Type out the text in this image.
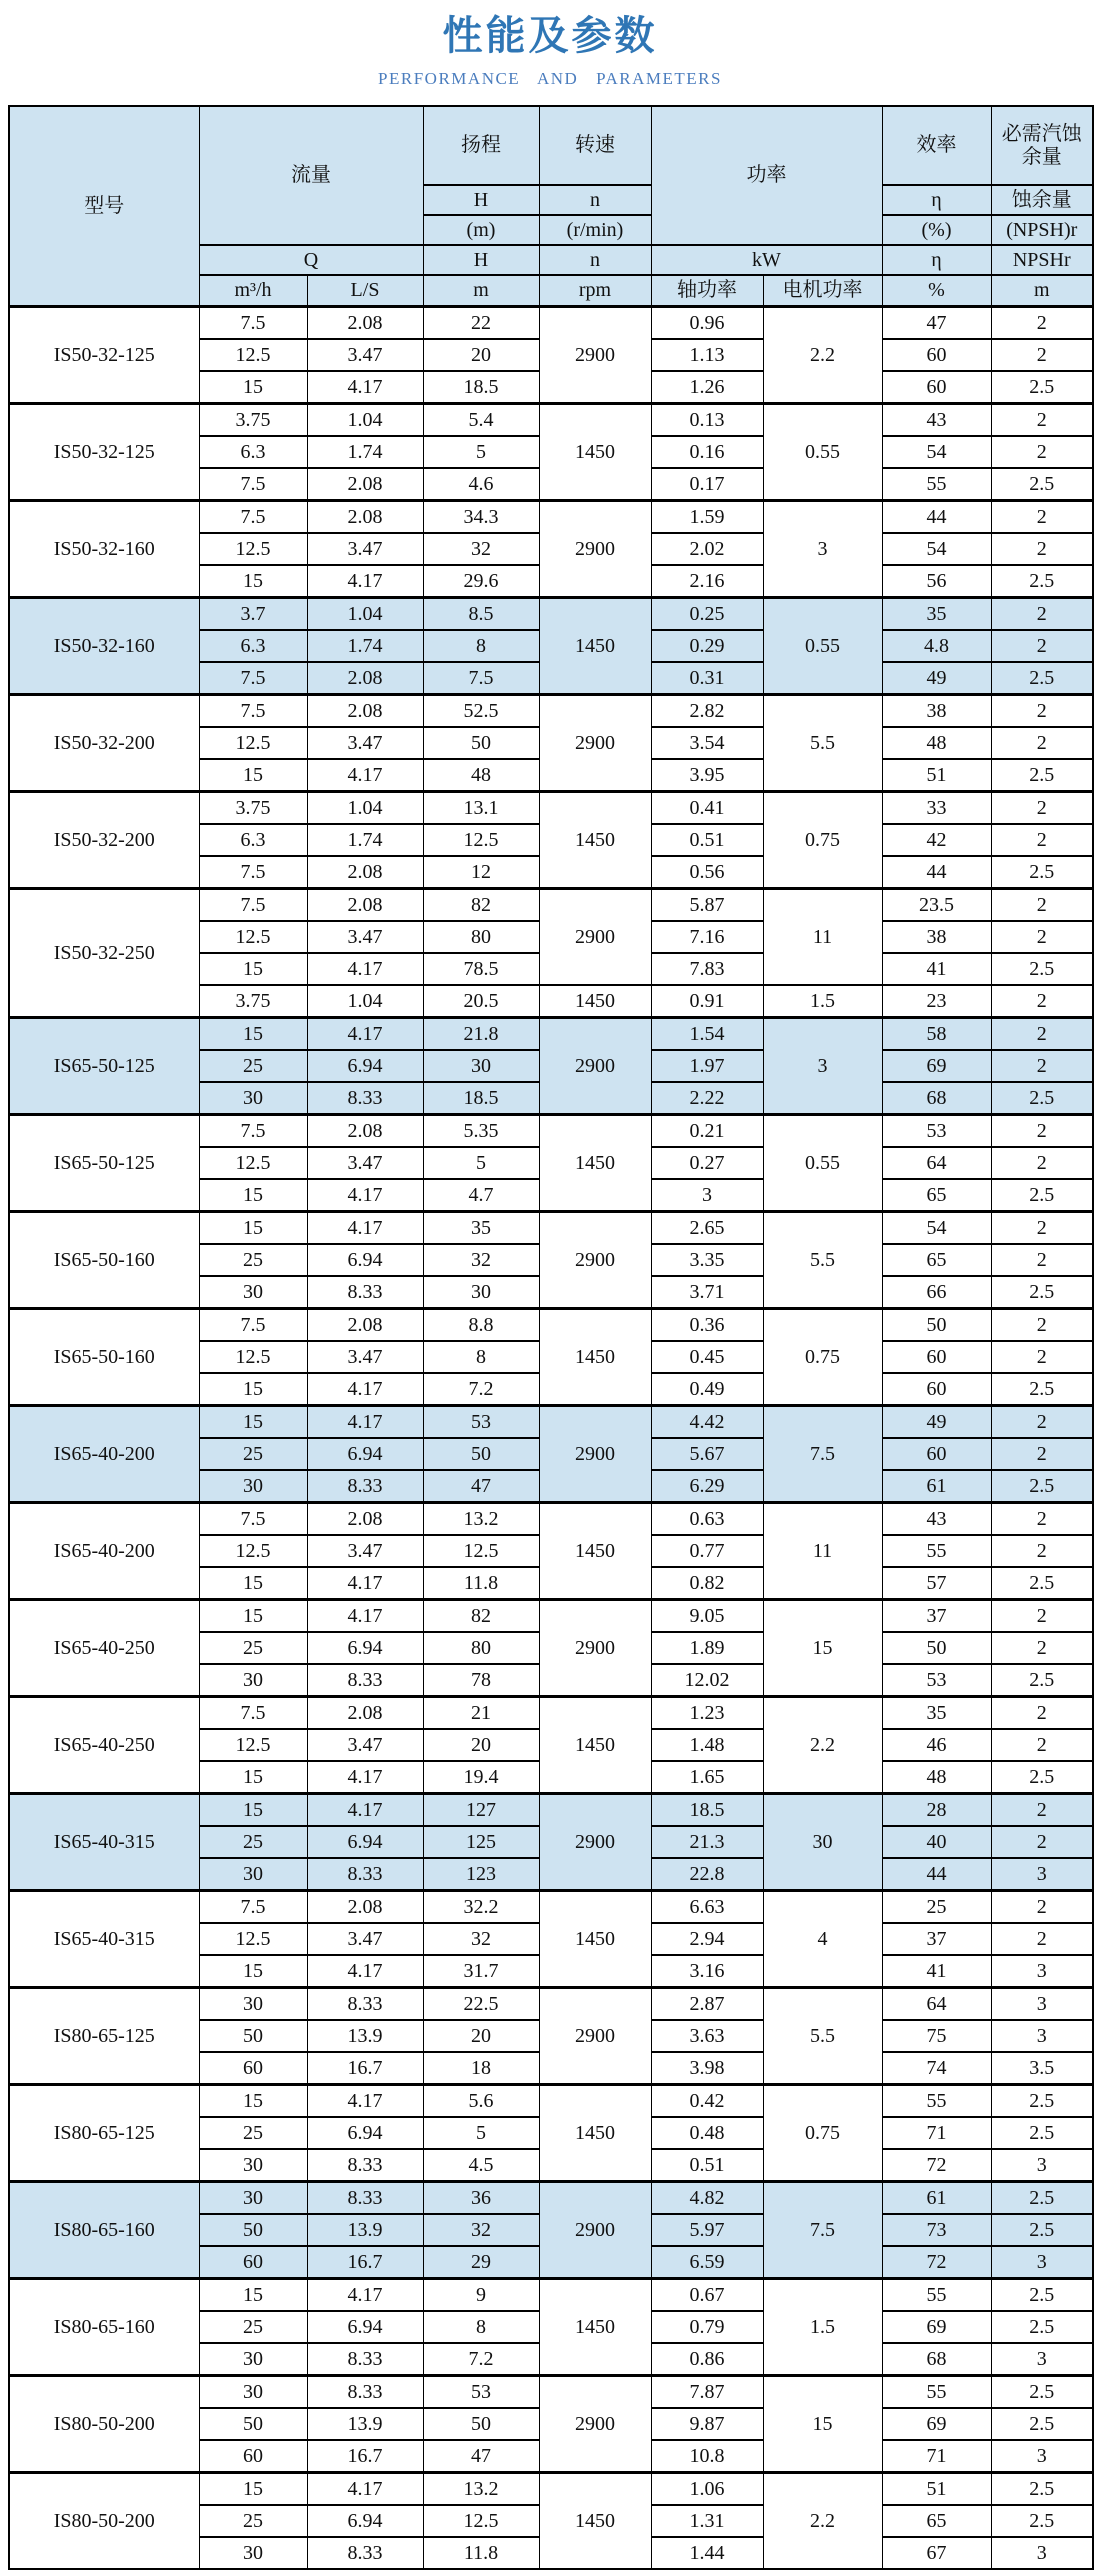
性能及参数
PERFORMANCE AND PARAMETERS
型号	流量		扬程	转速	功率		效率	必需汽蚀余量
			H	n			η	蚀余量
			(m)	(r/min)			(%)	(NPSH)r
	Q		H	n	kW		η	NPSHr
	m³/h	L/S	m	rpm	轴功率	电机功率	%	m
IS50-32-125	7.5	2.08	22	2900	0.96	2.2	47	2
	12.5	3.47	20		1.13		60	2
	15	4.17	18.5		1.26		60	2.5
IS50-32-125	3.75	1.04	5.4	1450	0.13	0.55	43	2
	6.3	1.74	5		0.16		54	2
	7.5	2.08	4.6		0.17		55	2.5
IS50-32-160	7.5	2.08	34.3	2900	1.59	3	44	2
	12.5	3.47	32		2.02		54	2
	15	4.17	29.6		2.16		56	2.5
IS50-32-160	3.7	1.04	8.5	1450	0.25	0.55	35	2
	6.3	1.74	8		0.29		4.8	2
	7.5	2.08	7.5		0.31		49	2.5
IS50-32-200	7.5	2.08	52.5	2900	2.82	5.5	38	2
	12.5	3.47	50		3.54		48	2
	15	4.17	48		3.95		51	2.5
IS50-32-200	3.75	1.04	13.1	1450	0.41	0.75	33	2
	6.3	1.74	12.5		0.51		42	2
	7.5	2.08	12		0.56		44	2.5
IS50-32-250	7.5	2.08	82	2900	5.87	11	23.5	2
	12.5	3.47	80		7.16		38	2
	15	4.17	78.5		7.83		41	2.5
	3.75	1.04	20.5	1450	0.91	1.5	23	2
IS65-50-125	15	4.17	21.8	2900	1.54	3	58	2
	25	6.94	30		1.97		69	2
	30	8.33	18.5		2.22		68	2.5
IS65-50-125	7.5	2.08	5.35	1450	0.21	0.55	53	2
	12.5	3.47	5		0.27		64	2
	15	4.17	4.7		3		65	2.5
IS65-50-160	15	4.17	35	2900	2.65	5.5	54	2
	25	6.94	32		3.35		65	2
	30	8.33	30		3.71		66	2.5
IS65-50-160	7.5	2.08	8.8	1450	0.36	0.75	50	2
	12.5	3.47	8		0.45		60	2
	15	4.17	7.2		0.49		60	2.5
IS65-40-200	15	4.17	53	2900	4.42	7.5	49	2
	25	6.94	50		5.67		60	2
	30	8.33	47		6.29		61	2.5
IS65-40-200	7.5	2.08	13.2	1450	0.63	11	43	2
	12.5	3.47	12.5		0.77		55	2
	15	4.17	11.8		0.82		57	2.5
IS65-40-250	15	4.17	82	2900	9.05	15	37	2
	25	6.94	80		1.89		50	2
	30	8.33	78		12.02		53	2.5
IS65-40-250	7.5	2.08	21	1450	1.23	2.2	35	2
	12.5	3.47	20		1.48		46	2
	15	4.17	19.4		1.65		48	2.5
IS65-40-315	15	4.17	127	2900	18.5	30	28	2
	25	6.94	125		21.3		40	2
	30	8.33	123		22.8		44	3
IS65-40-315	7.5	2.08	32.2	1450	6.63	4	25	2
	12.5	3.47	32		2.94		37	2
	15	4.17	31.7		3.16		41	3
IS80-65-125	30	8.33	22.5	2900	2.87	5.5	64	3
	50	13.9	20		3.63		75	3
	60	16.7	18		3.98		74	3.5
IS80-65-125	15	4.17	5.6	1450	0.42	0.75	55	2.5
	25	6.94	5		0.48		71	2.5
	30	8.33	4.5		0.51		72	3
IS80-65-160	30	8.33	36	2900	4.82	7.5	61	2.5
	50	13.9	32		5.97		73	2.5
	60	16.7	29		6.59		72	3
IS80-65-160	15	4.17	9	1450	0.67	1.5	55	2.5
	25	6.94	8		0.79		69	2.5
	30	8.33	7.2		0.86		68	3
IS80-50-200	30	8.33	53	2900	7.87	15	55	2.5
	50	13.9	50		9.87		69	2.5
	60	16.7	47		10.8		71	3
IS80-50-200	15	4.17	13.2	1450	1.06	2.2	51	2.5
	25	6.94	12.5		1.31		65	2.5
	30	8.33	11.8		1.44		67	3
